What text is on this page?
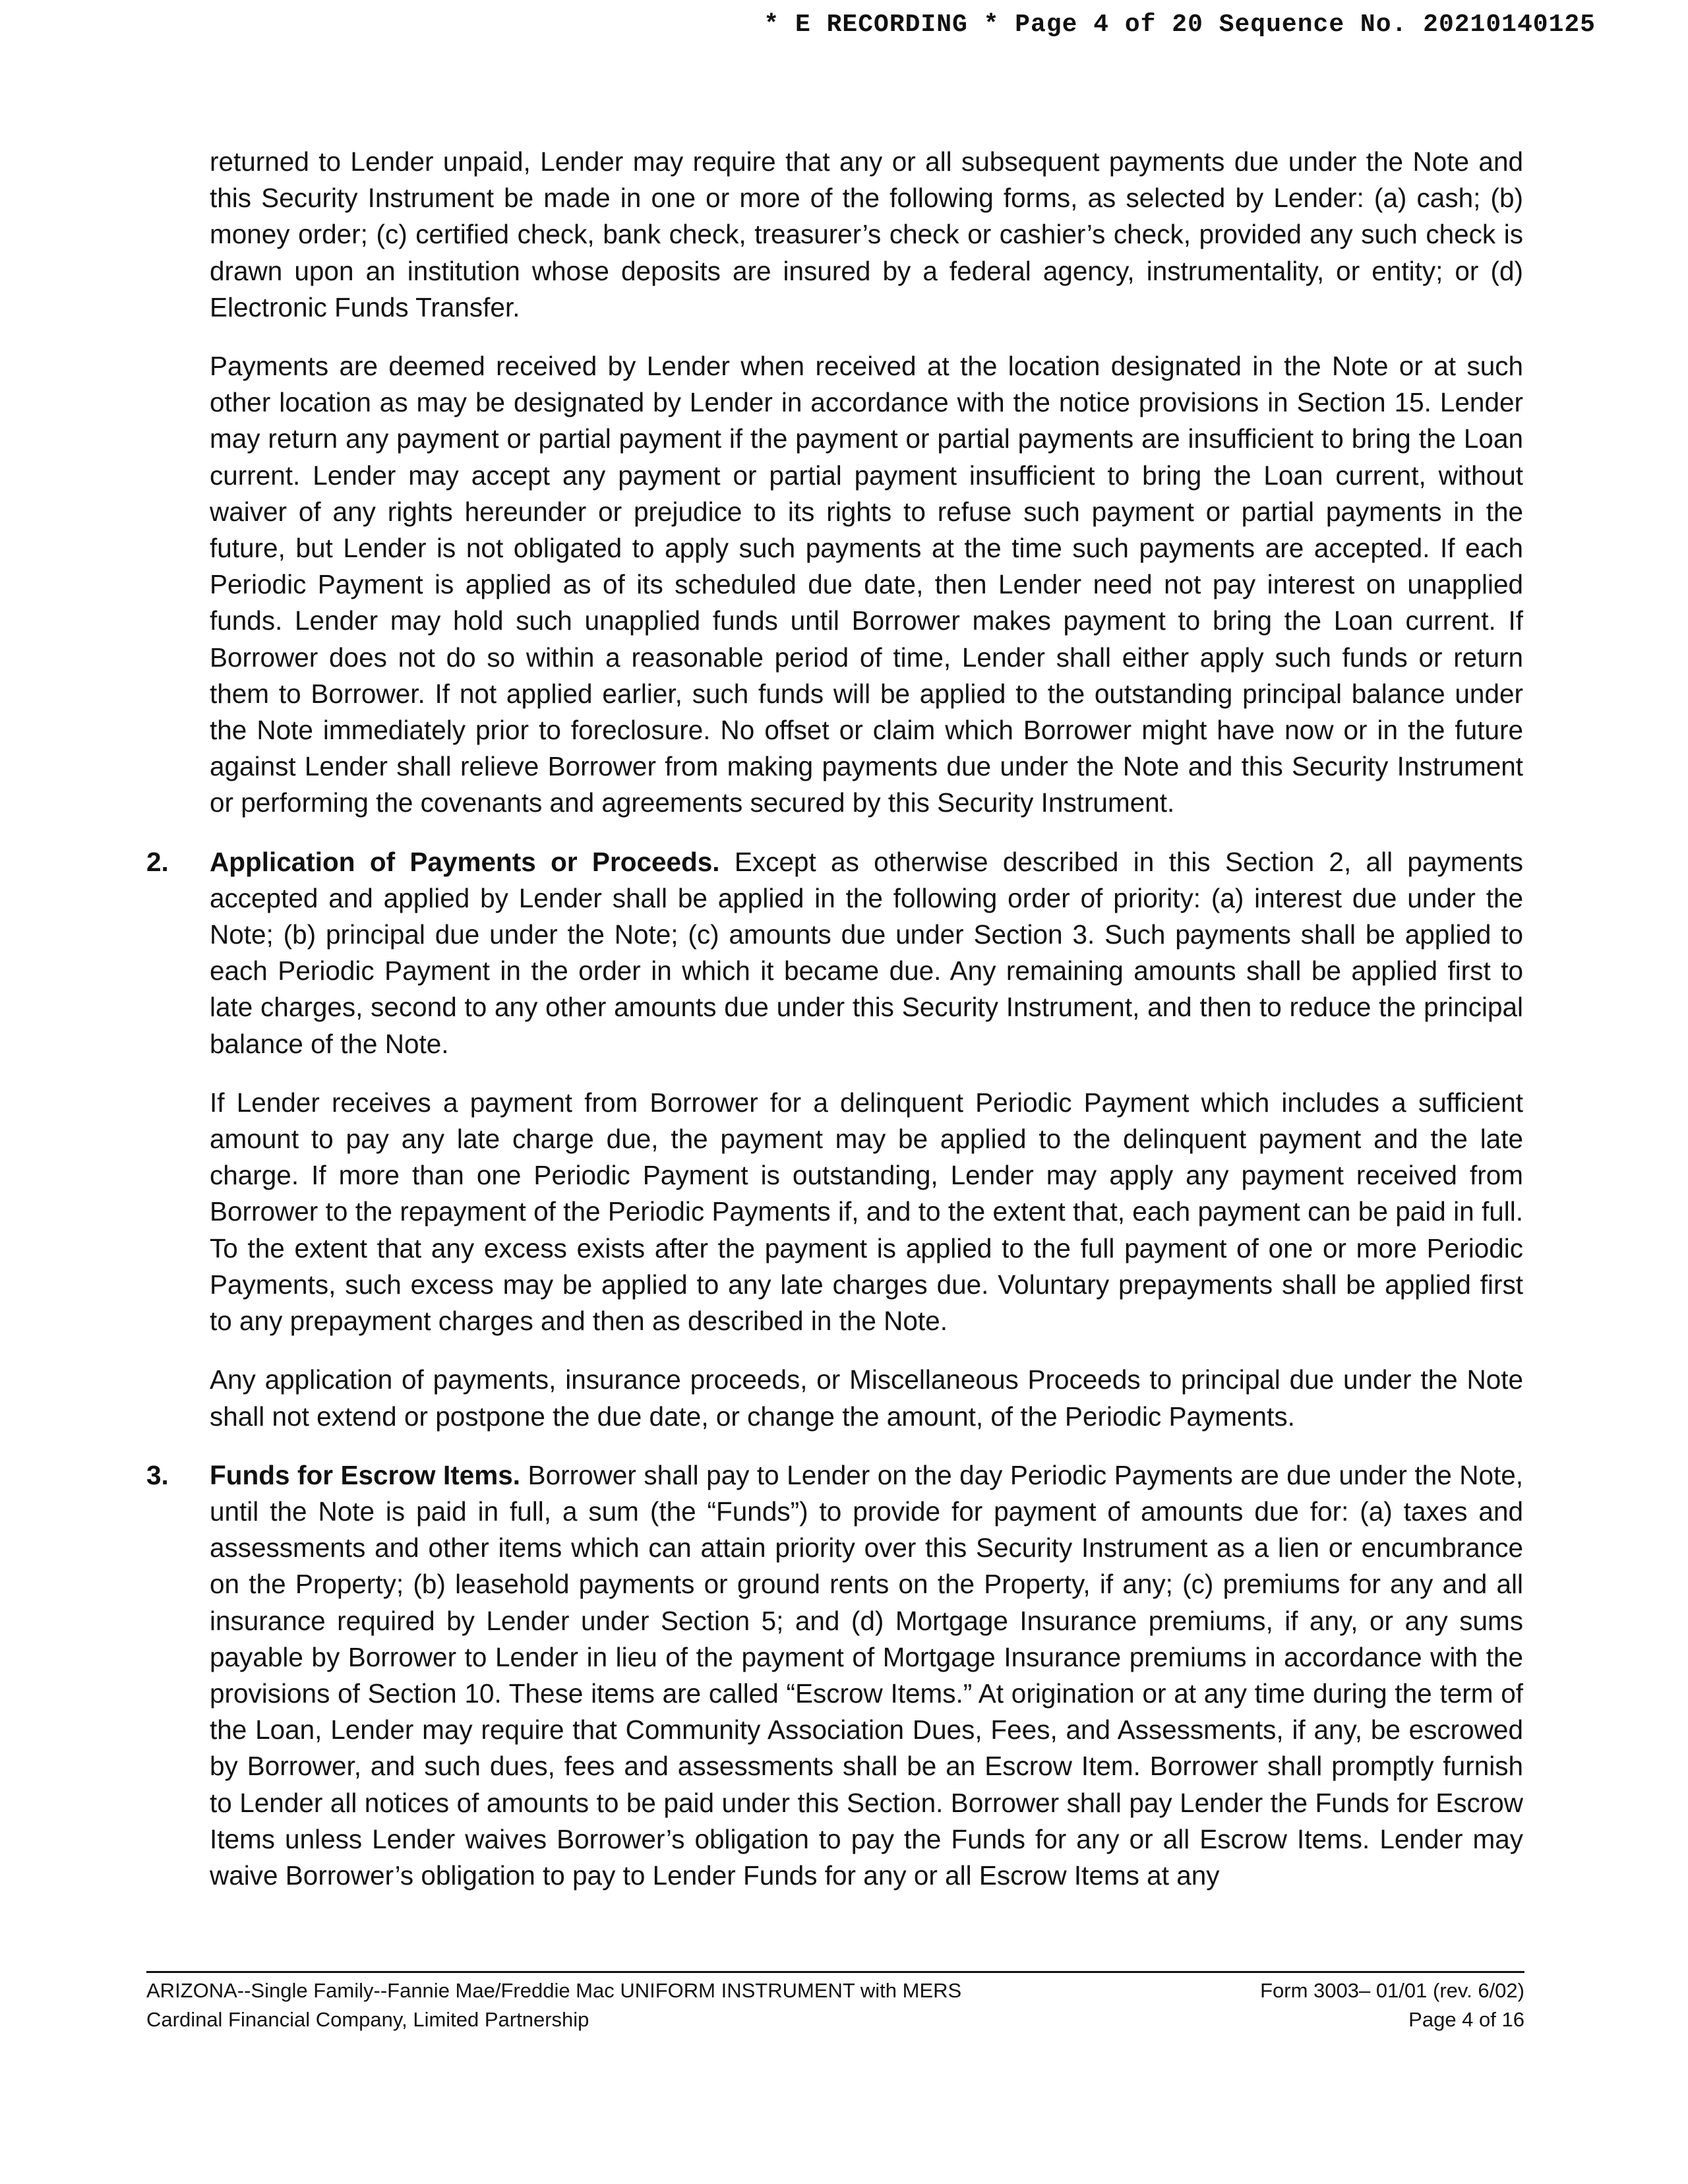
* E RECORDING * Page 4 of 20 Sequence No. 20210140125

returned to Lender unpaid, Lender may require that any or all subsequent payments due under the Note and this Security Instrument be made in one or more of the following forms, as selected by Lender: (a) cash; (b) money order; (c) certified check, bank check, treasurer’s check or cashier’s check, provided any such check is drawn upon an institution whose deposits are insured by a federal agency, instrumentality, or entity; or (d) Electronic Funds Transfer.

Payments are deemed received by Lender when received at the location designated in the Note or at such other location as may be designated by Lender in accordance with the notice provisions in Section 15. Lender may return any payment or partial payment if the payment or partial payments are insufficient to bring the Loan current. Lender may accept any payment or partial payment insufficient to bring the Loan current, without waiver of any rights hereunder or prejudice to its rights to refuse such payment or partial payments in the future, but Lender is not obligated to apply such payments at the time such payments are accepted. If each Periodic Payment is applied as of its scheduled due date, then Lender need not pay interest on unapplied funds. Lender may hold such unapplied funds until Borrower makes payment to bring the Loan current. If Borrower does not do so within a reasonable period of time, Lender shall either apply such funds or return them to Borrower. If not applied earlier, such funds will be applied to the outstanding principal balance under the Note immediately prior to foreclosure. No offset or claim which Borrower might have now or in the future against Lender shall relieve Borrower from making payments due under the Note and this Security Instrument or performing the covenants and agreements secured by this Security Instrument.

2. Application of Payments or Proceeds. Except as otherwise described in this Section 2, all payments accepted and applied by Lender shall be applied in the following order of priority: (a) interest due under the Note; (b) principal due under the Note; (c) amounts due under Section 3. Such payments shall be applied to each Periodic Payment in the order in which it became due. Any remaining amounts shall be applied first to late charges, second to any other amounts due under this Security Instrument, and then to reduce the principal balance of the Note.

If Lender receives a payment from Borrower for a delinquent Periodic Payment which includes a sufficient amount to pay any late charge due, the payment may be applied to the delinquent payment and the late charge. If more than one Periodic Payment is outstanding, Lender may apply any payment received from Borrower to the repayment of the Periodic Payments if, and to the extent that, each payment can be paid in full. To the extent that any excess exists after the payment is applied to the full payment of one or more Periodic Payments, such excess may be applied to any late charges due. Voluntary prepayments shall be applied first to any prepayment charges and then as described in the Note.

Any application of payments, insurance proceeds, or Miscellaneous Proceeds to principal due under the Note shall not extend or postpone the due date, or change the amount, of the Periodic Payments.

3. Funds for Escrow Items. Borrower shall pay to Lender on the day Periodic Payments are due under the Note, until the Note is paid in full, a sum (the “Funds”) to provide for payment of amounts due for: (a) taxes and assessments and other items which can attain priority over this Security Instrument as a lien or encumbrance on the Property; (b) leasehold payments or ground rents on the Property, if any; (c) premiums for any and all insurance required by Lender under Section 5; and (d) Mortgage Insurance premiums, if any, or any sums payable by Borrower to Lender in lieu of the payment of Mortgage Insurance premiums in accordance with the provisions of Section 10. These items are called “Escrow Items.” At origination or at any time during the term of the Loan, Lender may require that Community Association Dues, Fees, and Assessments, if any, be escrowed by Borrower, and such dues, fees and assessments shall be an Escrow Item. Borrower shall promptly furnish to Lender all notices of amounts to be paid under this Section. Borrower shall pay Lender the Funds for Escrow Items unless Lender waives Borrower’s obligation to pay the Funds for any or all Escrow Items. Lender may waive Borrower’s obligation to pay to Lender Funds for any or all Escrow Items at any
ARIZONA--Single Family--Fannie Mae/Freddie Mac UNIFORM INSTRUMENT with MERS
Cardinal Financial Company, Limited Partnership
Form 3003– 01/01 (rev. 6/02)
Page 4 of 16
